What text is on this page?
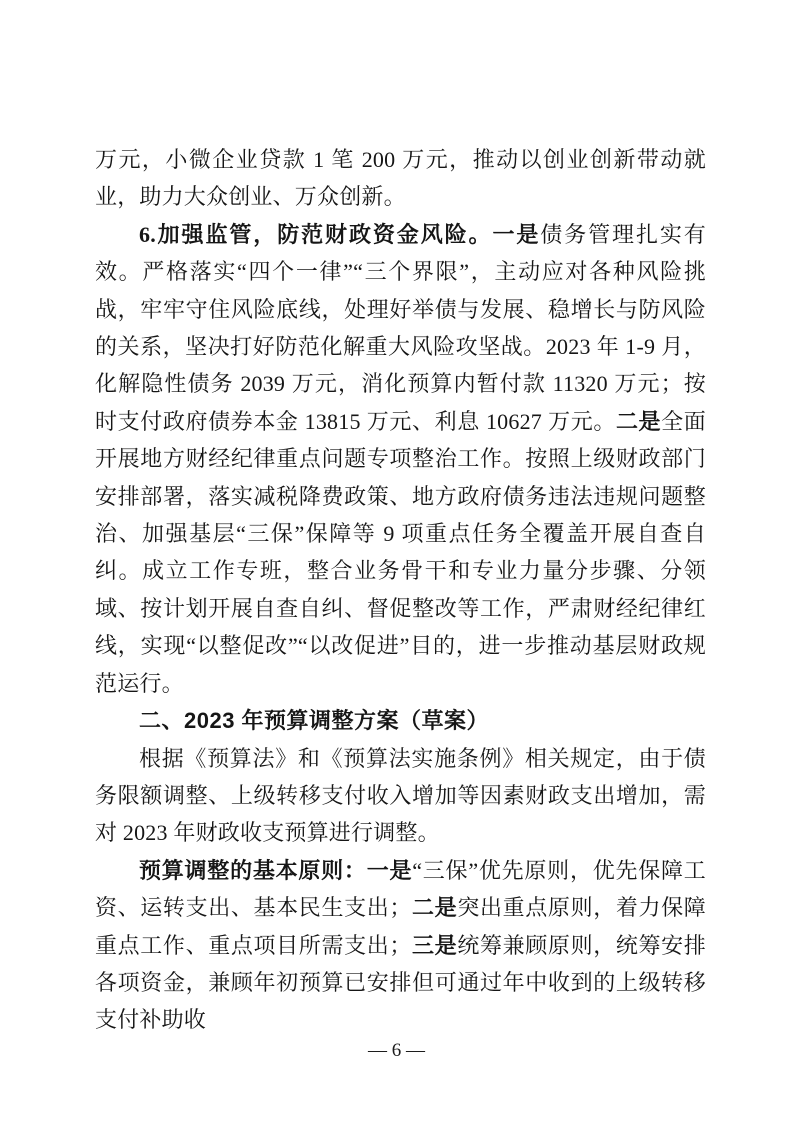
万元，小微企业贷款 1 笔 200 万元，推动以创业创新带动就业，助力大众创业、万众创新。

6.加强监管，防范财政资金风险。一是债务管理扎实有效。严格落实“四个一律”“三个界限”，主动应对各种风险挑战，牢牢守住风险底线，处理好举债与发展、稳增长与防风险的关系，坚决打好防范化解重大风险攻坚战。2023 年 1-9 月，化解隐性债务 2039 万元，消化预算内暂付款 11320 万元；按时支付政府债券本金 13815 万元、利息 10627 万元。二是全面开展地方财经纪律重点问题专项整治工作。按照上级财政部门安排部署，落实减税降费政策、地方政府债务违法违规问题整治、加强基层“三保”保障等 9 项重点任务全覆盖开展自查自纠。成立工作专班，整合业务骨干和专业力量分步骤、分领域、按计划开展自查自纠、督促整改等工作，严肃财经纪律红线，实现“以整促改”“以改促进”目的，进一步推动基层财政规范运行。

二、2023 年预算调整方案（草案）

根据《预算法》和《预算法实施条例》相关规定，由于债务限额调整、上级转移支付收入增加等因素财政支出增加，需对 2023 年财政收支预算进行调整。

预算调整的基本原则：一是“三保”优先原则，优先保障工资、运转支出、基本民生支出；二是突出重点原则，着力保障重点工作、重点项目所需支出；三是统筹兼顾原则，统筹安排各项资金，兼顾年初预算已安排但可通过年中收到的上级转移支付补助收

— 6 —
